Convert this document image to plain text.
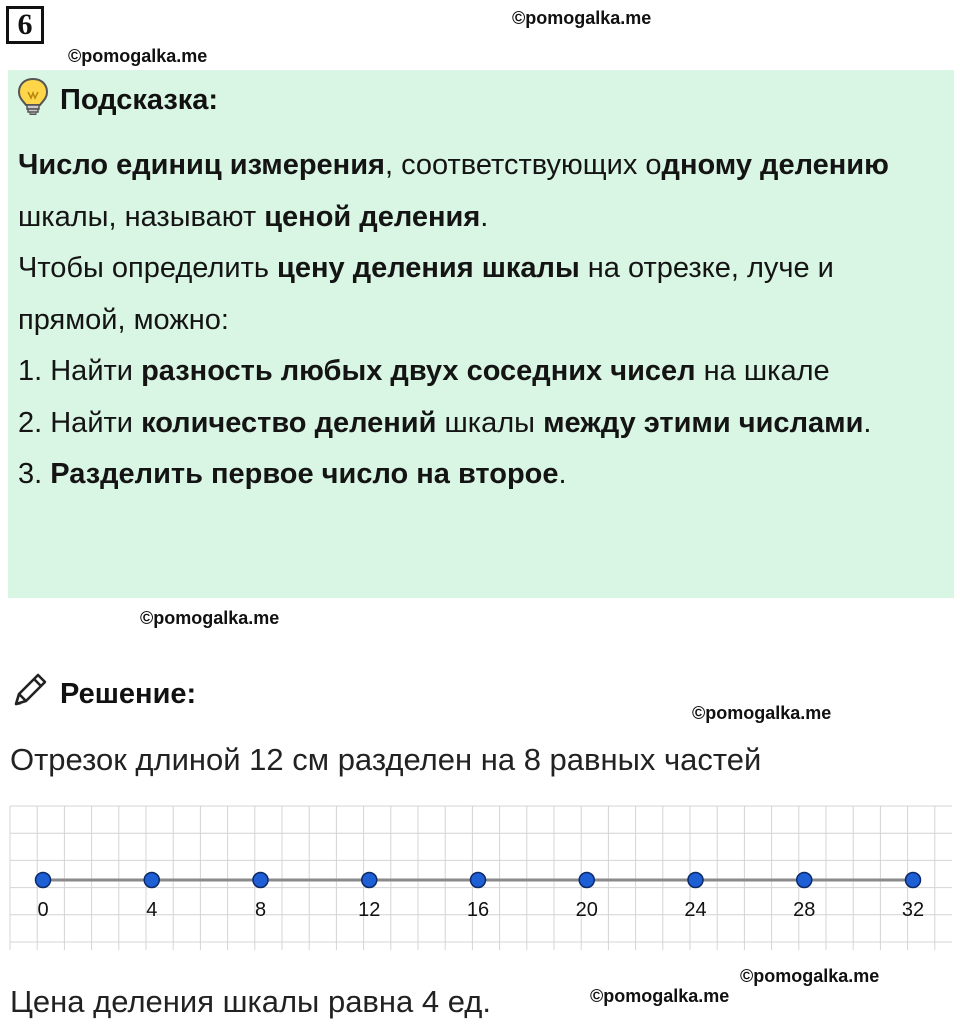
6	©pomogalka.me
©pomogalka.me
©pomogalka.me
©pomogalka.me
©pomogalka.me
©pomogalka.me
Подсказка:
Число единиц измерения, соответствующих одному делению шкалы, называют ценой деления.
Чтобы определить цену деления шкалы на отрезке, луче и прямой, можно:
1. Найти разность любых двух соседних чисел на шкале
2. Найти количество делений шкалы между этими числами.
3. Разделить первое число на второе.
Решение:
Отрезок длиной 12 см разделен на 8 равных частей
0	4	8	12	16	20	24	28	32
Цена деления шкалы равна 4 ед.
